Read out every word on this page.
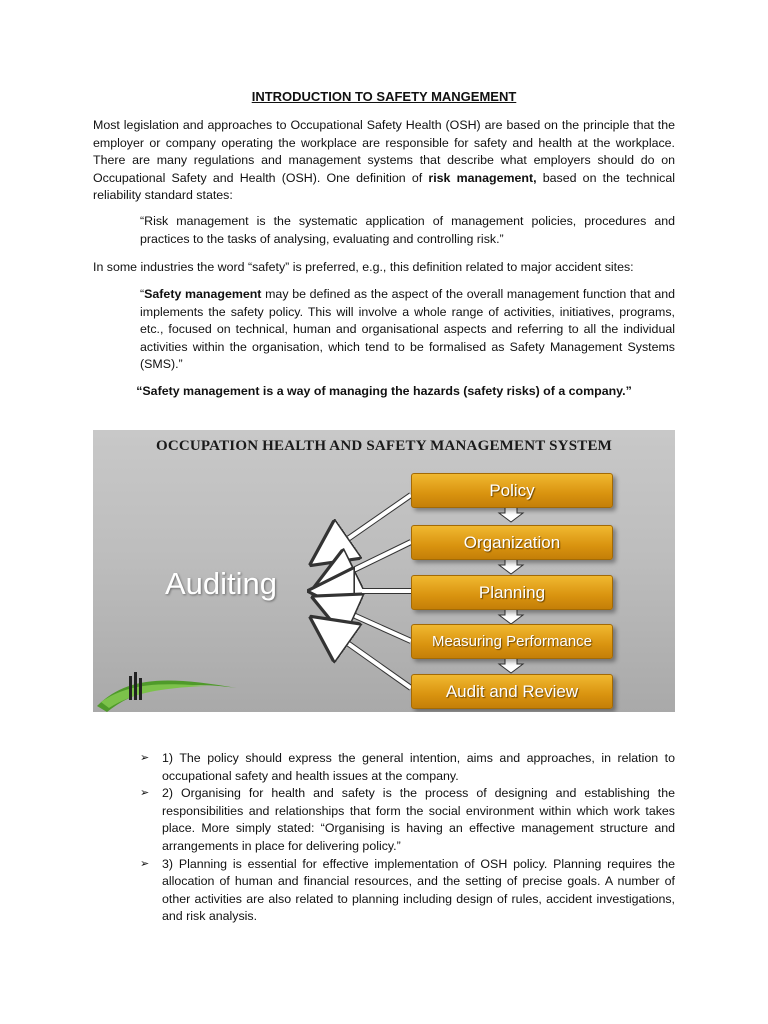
INTRODUCTION TO SAFETY MANGEMENT
Most legislation and approaches to Occupational Safety Health (OSH) are based on the principle that the employer or company operating the workplace are responsible for safety and health at the workplace. There are many regulations and management systems that describe what employers should do on Occupational Safety and Health (OSH). One definition of risk management, based on the technical reliability standard states:
“Risk management is the systematic application of management policies, procedures and practices to the tasks of analysing, evaluating and controlling risk.”
In some industries the word “safety” is preferred, e.g., this definition related to major accident sites:
“Safety management may be defined as the aspect of the overall management function that and implements the safety policy. This will involve a whole range of activities, initiatives, programs, etc., focused on technical, human and organisational aspects and referring to all the individual activities within the organisation, which tend to be formalised as Safety Management Systems (SMS).”
“Safety management is a way of managing the hazards (safety risks) of a company.”
OCCUPATION HEALTH AND SAFETY MANAGEMENT SYSTEM
Auditing
Policy
Organization
Planning
Measuring Performance
Audit and Review
➢ 1) The policy should express the general intention, aims and approaches, in relation to occupational safety and health issues at the company.
➢ 2) Organising for health and safety is the process of designing and establishing the responsibilities and relationships that form the social environment within which work takes place. More simply stated: “Organising is having an effective management structure and arrangements in place for delivering policy.”
➢ 3) Planning is essential for effective implementation of OSH policy. Planning requires the allocation of human and financial resources, and the setting of precise goals. A number of other activities are also related to planning including design of rules, accident investigations, and risk analysis.
